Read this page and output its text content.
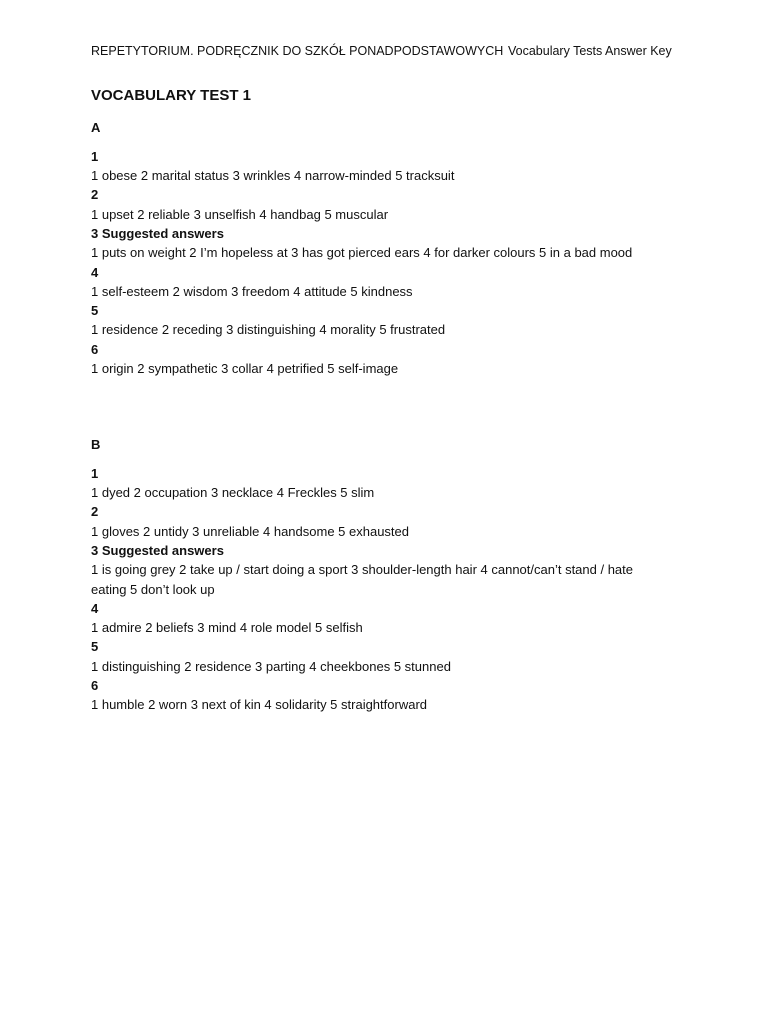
REPETYTORIUM. PODRĘCZNIK DO SZKÓŁ PONADPODSTAWOWYCH Vocabulary Tests Answer Key
VOCABULARY TEST 1
A
1
1 obese 2 marital status 3 wrinkles 4 narrow-minded 5 tracksuit
2
1 upset 2 reliable 3 unselfish 4 handbag 5 muscular
3 Suggested answers
1 puts on weight 2 I’m hopeless at 3 has got pierced ears 4 for darker colours 5 in a bad mood
4
1 self-esteem 2 wisdom 3 freedom 4 attitude 5 kindness
5
1 residence 2 receding 3 distinguishing 4 morality 5 frustrated
6
1 origin 2 sympathetic 3 collar 4 petrified 5 self-image
B
1
1 dyed 2 occupation 3 necklace 4 Freckles 5 slim
2
1 gloves 2 untidy 3 unreliable 4 handsome 5 exhausted
3 Suggested answers
1 is going grey 2 take up / start doing a sport 3 shoulder-length hair 4 cannot/can’t stand / hate eating 5 don’t look up
4
1 admire 2 beliefs 3 mind 4 role model 5 selfish
5
1 distinguishing 2 residence 3 parting 4 cheekbones 5 stunned
6
1 humble 2 worn 3 next of kin 4 solidarity 5 straightforward
